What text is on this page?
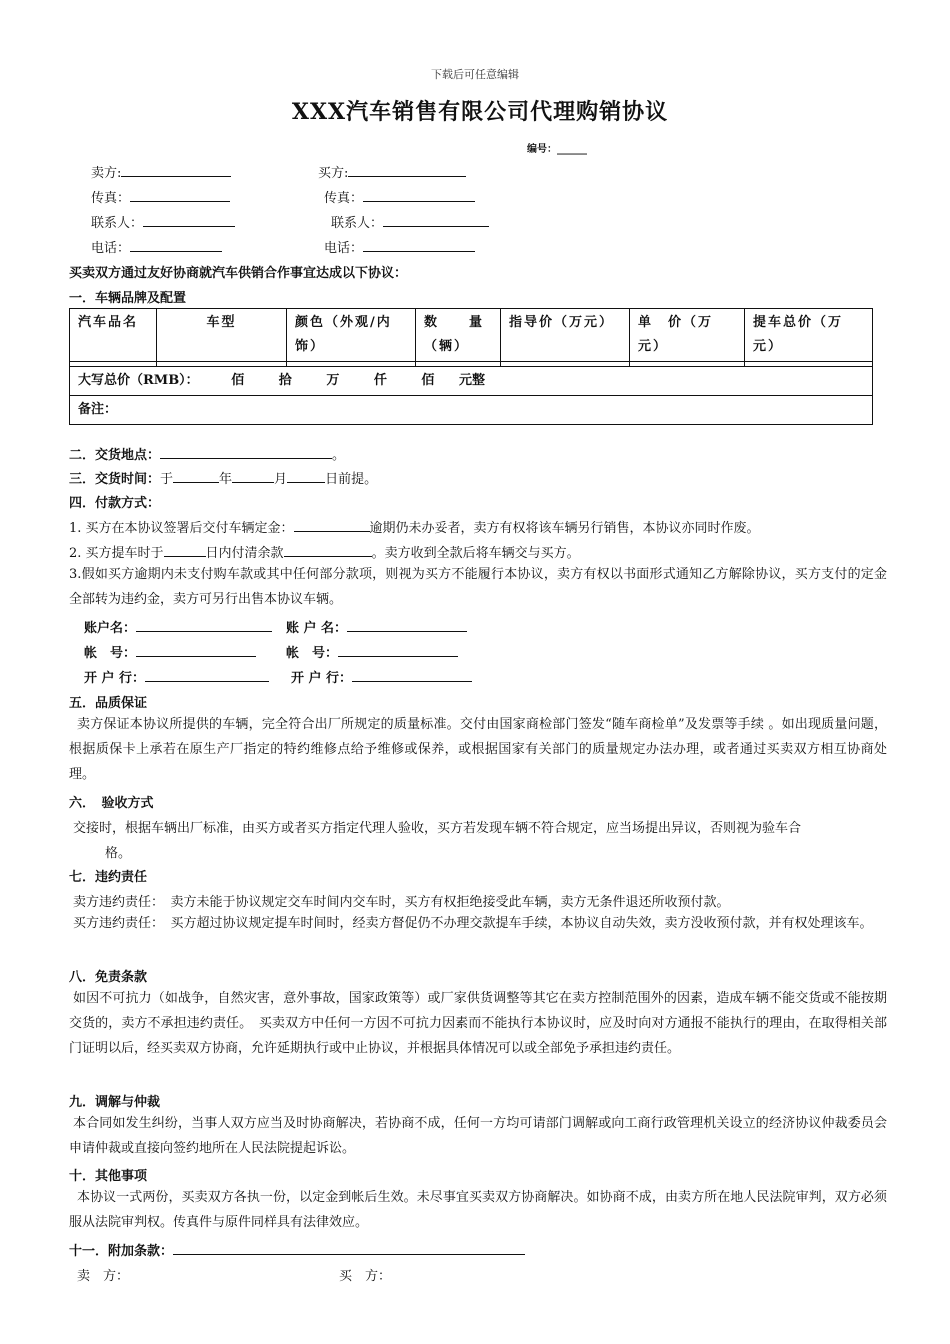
下载后可任意编辑
XXX汽车销售有限公司代理购销协议
编号：______
卖方:	买方:
传真：	传真：
联系人：	联系人：
电话：	电话：
买卖双方通过友好协商就汽车供销合作事宜达成以下协议：
一．车辆品牌及配置
汽车品名	车型	颜色（外观/内饰）	数　　量（辆）	指导价（万元）	单　价（万元）	提车总价（万元）

大写总价（RMB）： 佰 拾 万 仟 佰 元整						
备注：						
二．交货地点：	。
三．交货时间：于	年	月	日前提。
四．付款方式：
1. 买方在本协议签署后交付车辆定金：	逾期仍未办妥者，卖方有权将该车辆另行销售，本协议亦同时作废。
2. 买方提车时于	日内付清余款	。卖方收到全款后将车辆交与买方。
3.假如买方逾期内未支付购车款或其中任何部分款项，则视为买方不能履行本协议，卖方有权以书面形式通知乙方解除协议，买方支付的定金全部转为违约金，卖方可另行出售本协议车辆。
账户名：	账 户 名：
帐　号：	帐　号：
开 户 行：	开 户 行：
五．品质保证
卖方保证本协议所提供的车辆，完全符合出厂所规定的质量标准。交付由国家商检部门签发“随车商检单”及发票等手续 。如出现质量问题，根据质保卡上承若在原生产厂指定的特约维修点给予维修或保养，或根据国家有关部门的质量规定办法办理，或者通过买卖双方相互协商处理。
六．　验收方式
交接时，根据车辆出厂标准，由买方或者买方指定代理人验收，买方若发现车辆不符合规定，应当场提出异议，否则视为验车合
格。
七．违约责任
卖方违约责任：　卖方未能于协议规定交车时间内交车时，买方有权拒绝接受此车辆，卖方无条件退还所收预付款。
买方违约责任：　买方超过协议规定提车时间时，经卖方督促仍不办理交款提车手续，本协议自动失效，卖方没收预付款，并有权处理该车。
八．免责条款
如因不可抗力（如战争，自然灾害，意外事故，国家政策等）或厂家供货调整等其它在卖方控制范围外的因素，造成车辆不能交货或不能按期交货的，卖方不承担违约责任。　买卖双方中任何一方因不可抗力因素而不能执行本协议时，应及时向对方通报不能执行的理由，在取得相关部门证明以后，经买卖双方协商，允许延期执行或中止协议，并根据具体情况可以或全部免予承担违约责任。
九．调解与仲裁
本合同如发生纠纷，当事人双方应当及时协商解决，若协商不成，任何一方均可请部门调解或向工商行政管理机关设立的经济协议仲裁委员会申请仲裁或直接向签约地所在人民法院提起诉讼。
十．其他事项
本协议一式两份，买卖双方各执一份，以定金到帐后生效。未尽事宜买卖双方协商解决。如协商不成，由卖方所在地人民法院审判，双方必须服从法院审判权。传真件与原件同样具有法律效应。
十一．附加条款：
卖　方：	买　方：
